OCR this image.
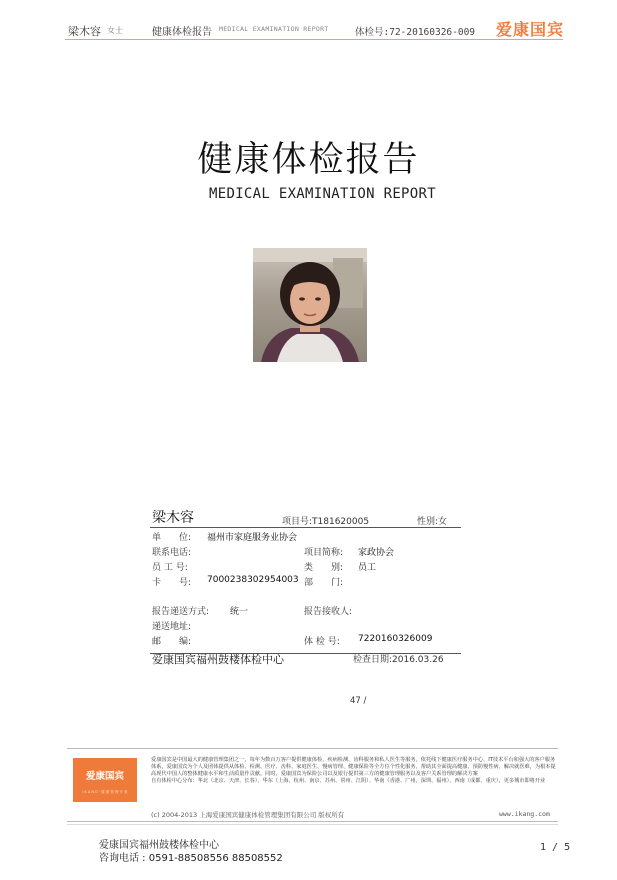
梁木容 女士	健康体检报告 MEDICAL EXAMINATION REPORT	体检号:72-20160326-009 爱康国宾
健康体检报告
MEDICAL EXAMINATION REPORT
梁木容	项目号:T181620005	性别:女
单　　位: 福州市家庭服务业协会
联系电话:	项目简称: 家政协会
员 工 号:	类　　别: 员工
卡　　号: 7000238302954003 部　　门:
报告递送方式: 统一	报告接收人:
递送地址:
邮　　编:	体 检 号: 7220160326009
爱康国宾福州鼓楼体检中心	检查日期:2016.03.26
47 /
爱康国宾
i K A N G · 健 康 管 理 专 家
爱康国宾是中国最大的健康管理集团之一，每年为数百万客户提供健康体检、疾病检测、齿科服务和私人医生等服务，依托线下健康医疗服务中心、IT技术平台和强大的客户服务体系，爱康国宾为个人及团体提供从体检、检测、医疗、齿科、家庭医生、慢病管理、健康保险等全方位个性化服务，帮助其全面提高健康、预防慢性病、解决就医难，为根本提高现代中国人的整体健康水平和生活质量作贡献。同时，爱康国宾为保险公司以及银行提供第三方的健康管理服务以及客户关系管理的解决方案
自有体检中心分布：华北（北京、天津、长春）、华东（上海、杭州、南京、苏州、常州、江阴）、华南（香港、广州、深圳、福州）、西南（成都、重庆），更多城市即将开业
(c) 2004-2013 上海爱康国宾健康体检管理集团有限公司 版权所有	www.ikang.com
爱康国宾福州鼓楼体检中心
咨询电话 : 0591-88508556 88508552
1 / 5
